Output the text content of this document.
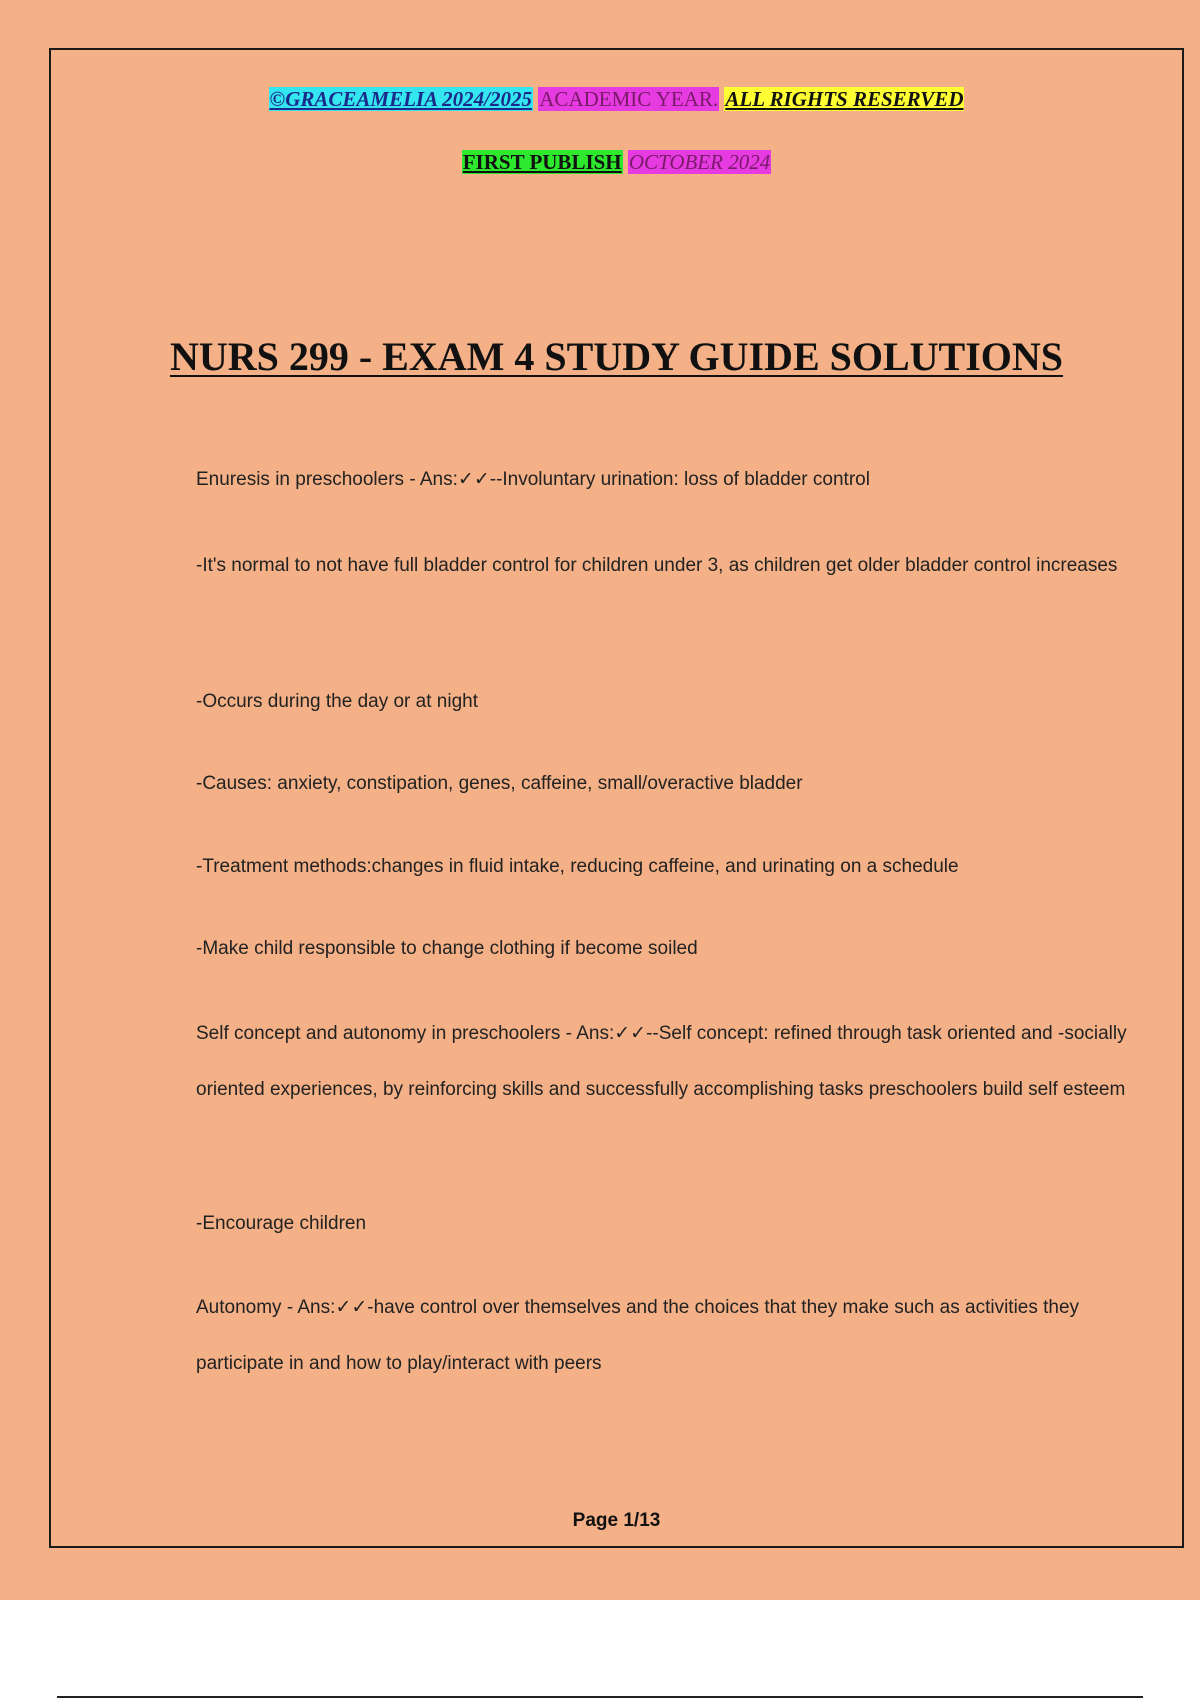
©GRACEAMELIA 2024/2025 ACADEMIC YEAR. ALL RIGHTS RESERVED
FIRST PUBLISH OCTOBER 2024
NURS 299 - EXAM 4 STUDY GUIDE SOLUTIONS

Enuresis in preschoolers - Ans:✓✓--Involuntary urination: loss of bladder control

-It's normal to not have full bladder control for children under 3, as children get older bladder control increases

-Occurs during the day or at night

-Causes: anxiety, constipation, genes, caffeine, small/overactive bladder

-Treatment methods:changes in fluid intake, reducing caffeine, and urinating on a schedule

-Make child responsible to change clothing if become soiled

Self concept and autonomy in preschoolers - Ans:✓✓--Self concept: refined through task oriented and -socially oriented experiences, by reinforcing skills and successfully accomplishing tasks preschoolers build self esteem

-Encourage children

Autonomy - Ans:✓✓-have control over themselves and the choices that they make such as activities they participate in and how to play/interact with peers

Page 1/13
